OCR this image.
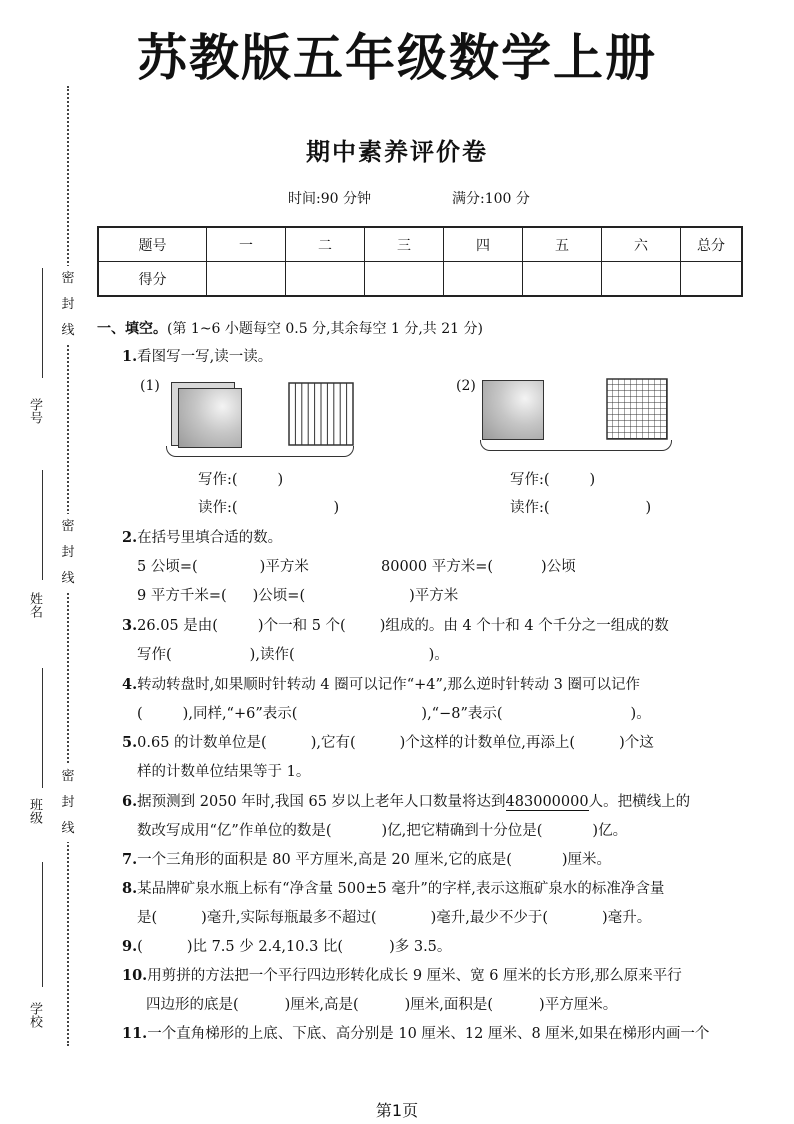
苏教版五年级数学上册
期中素养评价卷
时间:90 分钟	满分:100 分
题号	一	二	三	四	五	六	总分
得分							
学号
姓名
班级
学校
密
封
线
密
封
线
密
封
线
一、填空。(第 1~6 小题每空 0.5 分,其余每空 1 分,共 21 分)
1.看图写一写,读一读。
(1)
写作:(	)
读作:(	)
(2)
写作:(	)
读作:(	)
2.在括号里填合适的数。
5 公顷=(	)平方米	80000 平方米=(	)公顷
9 平方千米=( )公顷=(	)平方米
3.26.05 是由(	)个一和 5 个( )组成的。由 4 个十和 4 个千分之一组成的数
写作(	),读作(	)。
4.转动转盘时,如果顺时针转动 4 圈可以记作“+4”,那么逆时针转动 3 圈可以记作
(	),同样,“+6”表示(	),“−8”表示(	)。
5.0.65 的计数单位是(	),它有(	)个这样的计数单位,再添上(	)个这
样的计数单位结果等于 1。
6.据预测到 2050 年时,我国 65 岁以上老年人口数量将达到483000000人。把横线上的
数改写成用“亿”作单位的数是(	)亿,把它精确到十分位是(	)亿。
7.一个三角形的面积是 80 平方厘米,高是 20 厘米,它的底是(	)厘米。
8.某品牌矿泉水瓶上标有“净含量 500±5 毫升”的字样,表示这瓶矿泉水的标准净含量
是(	)毫升,实际每瓶最多不超过(	)毫升,最少不少于(	)毫升。
9.(	)比 7.5 少 2.4,10.3 比(	)多 3.5。
10.用剪拼的方法把一个平行四边形转化成长 9 厘米、宽 6 厘米的长方形,那么原来平行
四边形的底是(	)厘米,高是(	)厘米,面积是(	)平方厘米。
11.一个直角梯形的上底、下底、高分别是 10 厘米、12 厘米、8 厘米,如果在梯形内画一个
第1页
